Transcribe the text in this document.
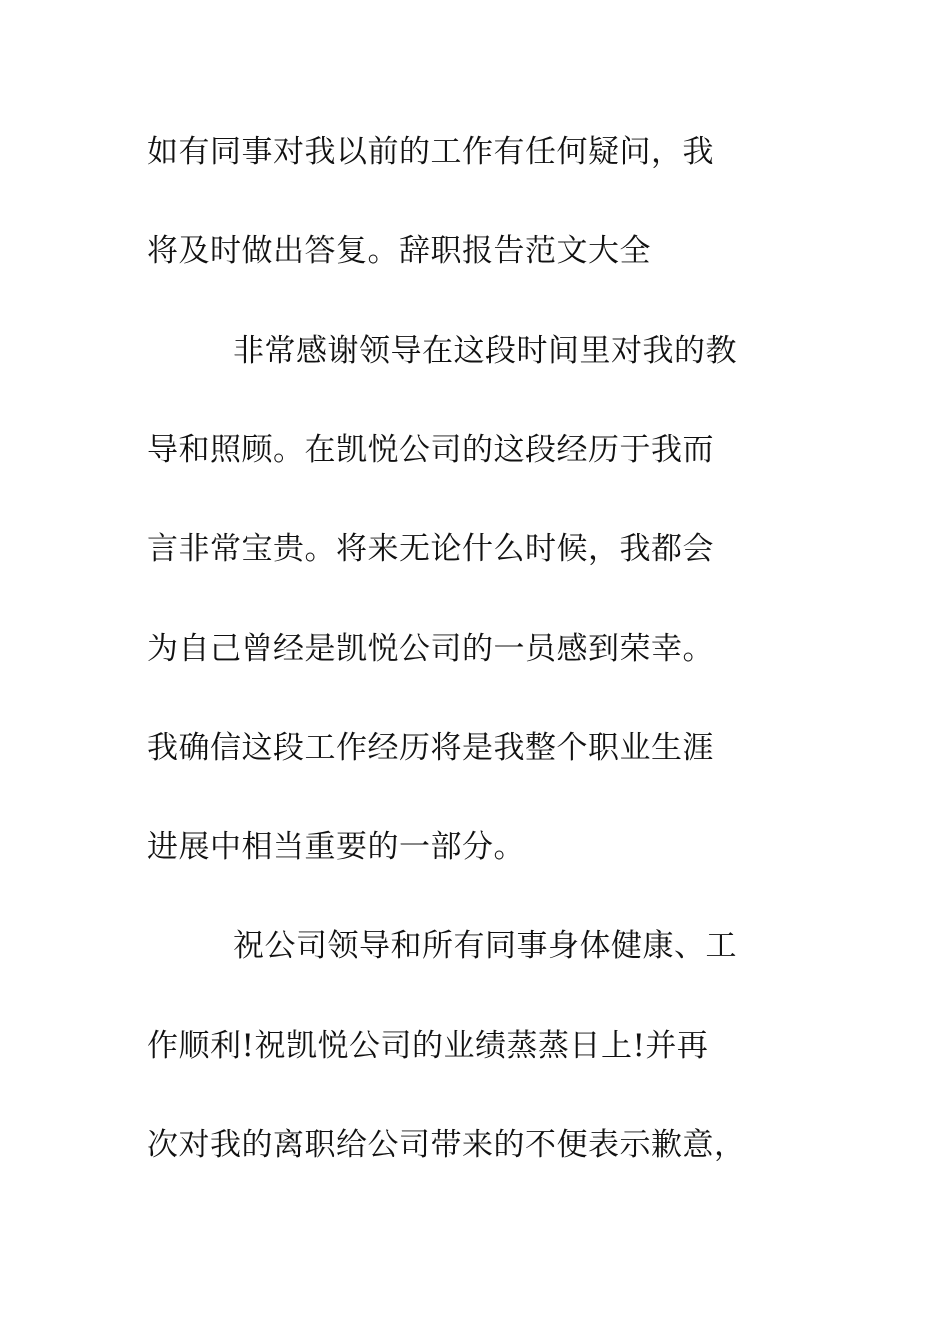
如有同事对我以前的工作有任何疑问，我
将及时做出答复。辞职报告范文大全
非常感谢领导在这段时间里对我的教
导和照顾。在凯悦公司的这段经历于我而
言非常宝贵。将来无论什么时候，我都会
为自己曾经是凯悦公司的一员感到荣幸。
我确信这段工作经历将是我整个职业生涯
进展中相当重要的一部分。
祝公司领导和所有同事身体健康、工
作顺利!祝凯悦公司的业绩蒸蒸日上!并再
次对我的离职给公司带来的不便表示歉意，
